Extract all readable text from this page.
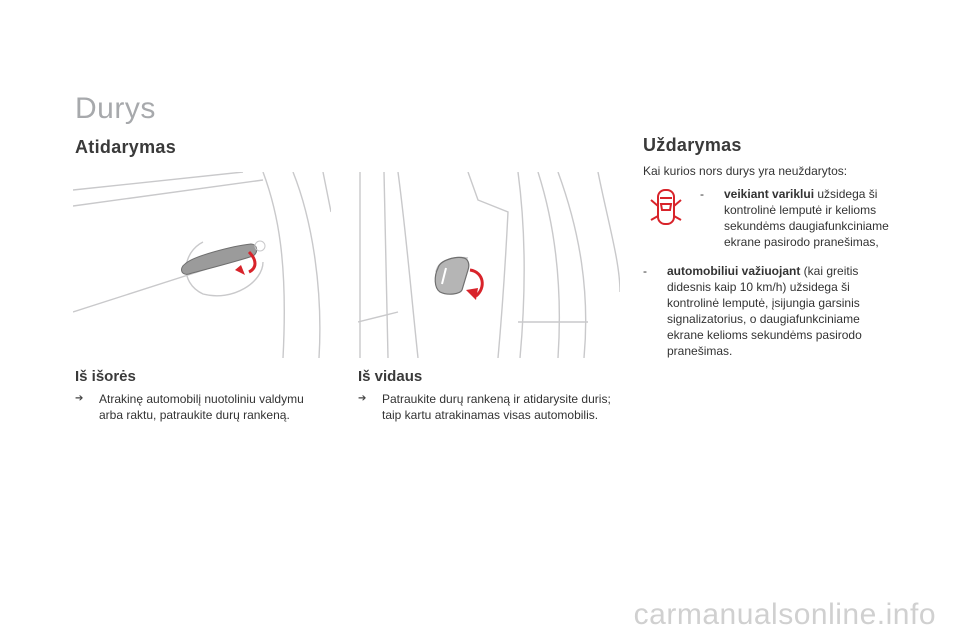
Durys
Atidarymas
Iš išorės
➔	Atrakinę automobilį nuotoliniu valdymu
arba raktu, patraukite durų rankeną.
Iš vidaus
➔	Patraukite durų rankeną ir atidarysite duris;
taip kartu atrakinamas visas automobilis.
Uždarymas
Kai kurios nors durys yra neuždarytos:
-	veikiant variklui užsidega ši
kontrolinė lemputė ir kelioms
sekundėms daugiafunkciniame
ekrane pasirodo pranešimas,
-	automobiliui važiuojant (kai greitis
didesnis kaip 10 km/h) užsidega ši
kontrolinė lemputė, įsijungia garsinis
signalizatorius, o daugiafunkciniame
ekrane kelioms sekundėms pasirodo
pranešimas.
carmanualsonline.info
